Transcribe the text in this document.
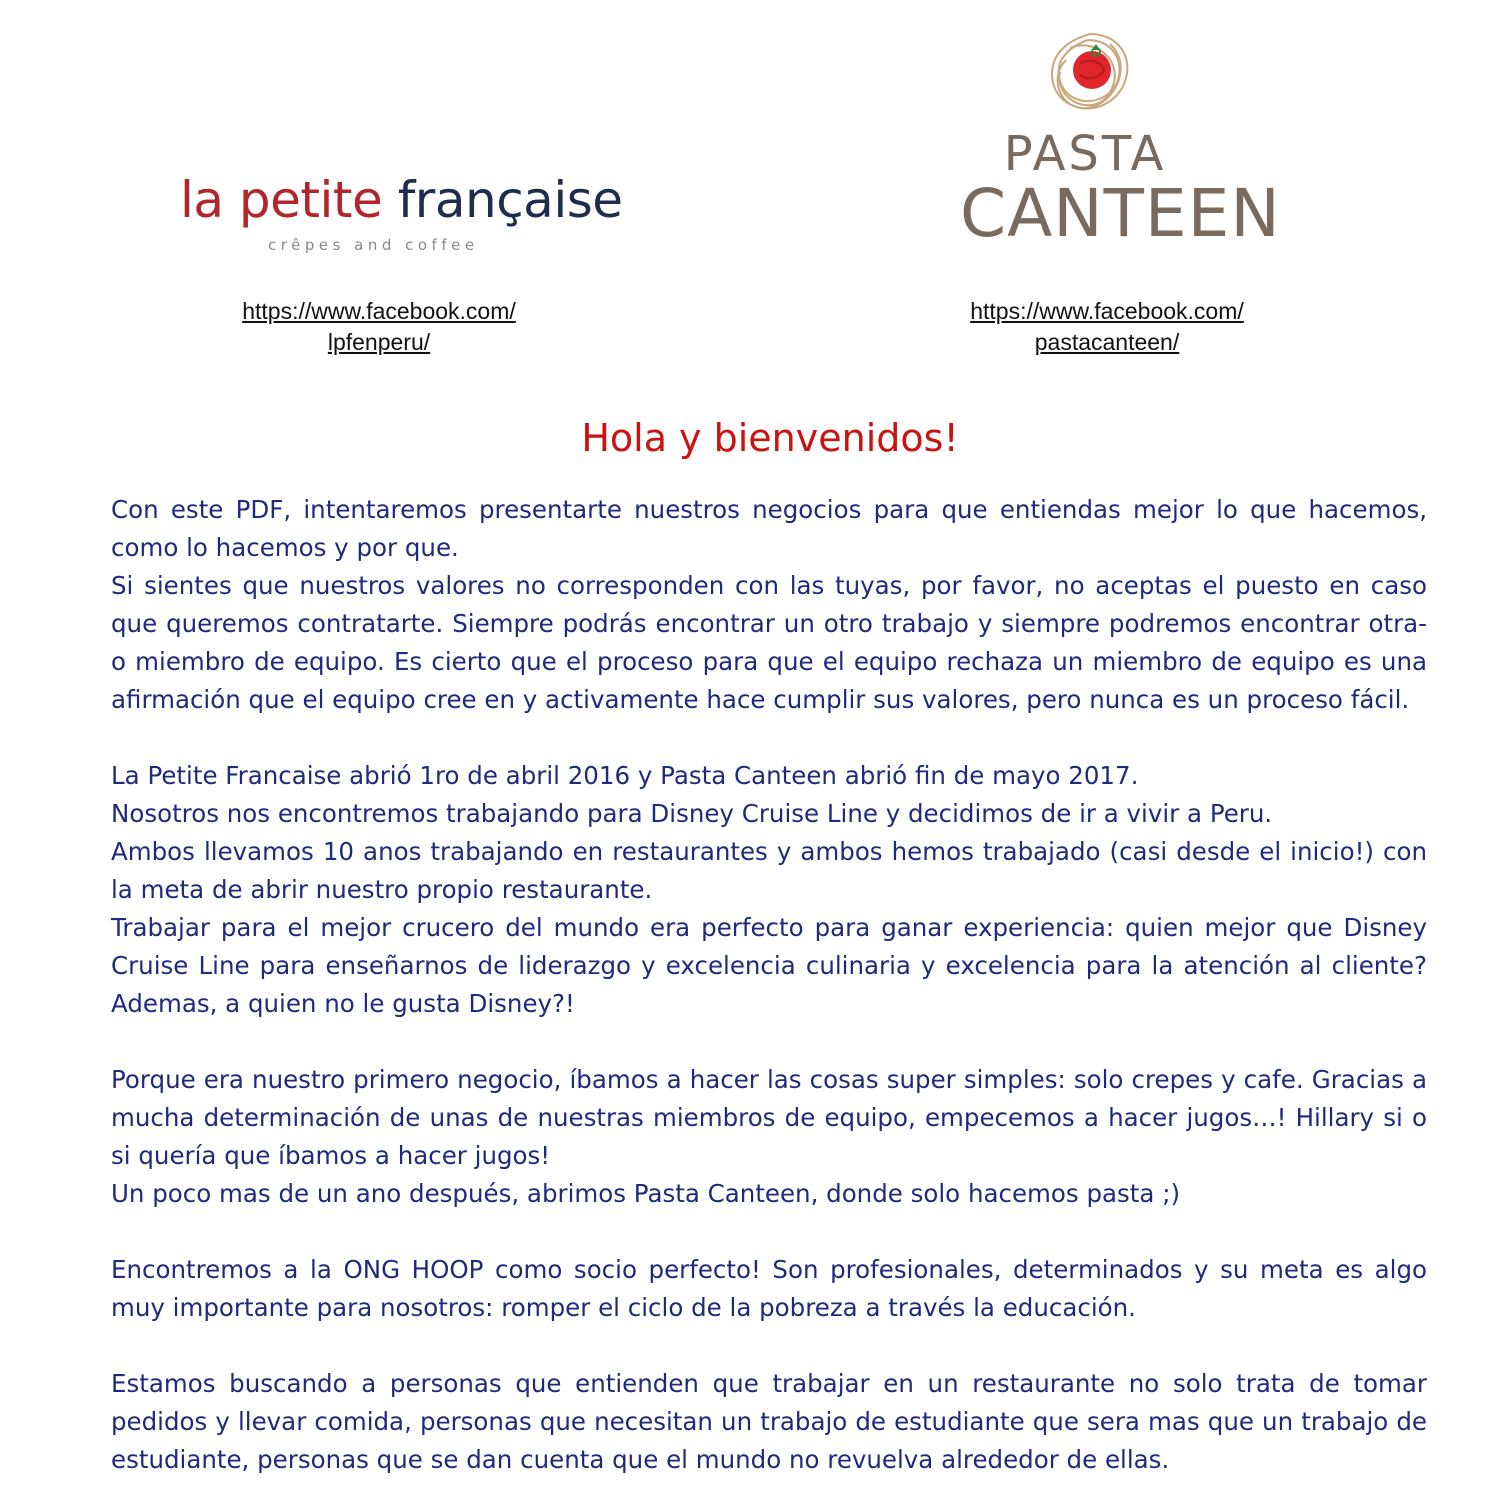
la petite française
crêpes and coffee
PASTA
CANTEEN
https://www.facebook.com/
lpfenperu/
https://www.facebook.com/
pastacanteen/
Hola y bienvenidos!

Con este PDF, intentaremos presentarte nuestros negocios para que entiendas mejor lo que hacemos, como lo hacemos y por que.

Si sientes que nuestros valores no corresponden con las tuyas, por favor, no aceptas el puesto en caso que queremos contratarte. Siempre podrás encontrar un otro trabajo y siempre podremos encontrar otra-o miembro de equipo. Es cierto que el proceso para que el equipo rechaza un miembro de equipo es una afirmación que el equipo cree en y activamente hace cumplir sus valores, pero nunca es un proceso fácil.

La Petite Francaise abrió 1ro de abril 2016 y Pasta Canteen abrió fin de mayo 2017.

Nosotros nos encontremos trabajando para Disney Cruise Line y decidimos de ir a vivir a Peru.

Ambos llevamos 10 anos trabajando en restaurantes y ambos hemos trabajado (casi desde el inicio!) con la meta de abrir nuestro propio restaurante.

Trabajar para el mejor crucero del mundo era perfecto para ganar experiencia: quien mejor que Disney Cruise Line para enseñarnos de liderazgo y excelencia culinaria y excelencia para la atención al cliente? Ademas, a quien no le gusta Disney?!

Porque era nuestro primero negocio, íbamos a hacer las cosas super simples: solo crepes y cafe. Gracias a mucha determinación de unas de nuestras miembros de equipo, empecemos a hacer jugos…! Hillary si o si quería que íbamos a hacer jugos!

Un poco mas de un ano después, abrimos Pasta Canteen, donde solo hacemos pasta ;)

Encontremos a la ONG HOOP como socio perfecto! Son profesionales, determinados y su meta es algo muy importante para nosotros: romper el ciclo de la pobreza a través la educación.

Estamos buscando a personas que entienden que trabajar en un restaurante no solo trata de tomar pedidos y llevar comida, personas que necesitan un trabajo de estudiante que sera mas que un trabajo de estudiante, personas que se dan cuenta que el mundo no revuelva alrededor de ellas.
